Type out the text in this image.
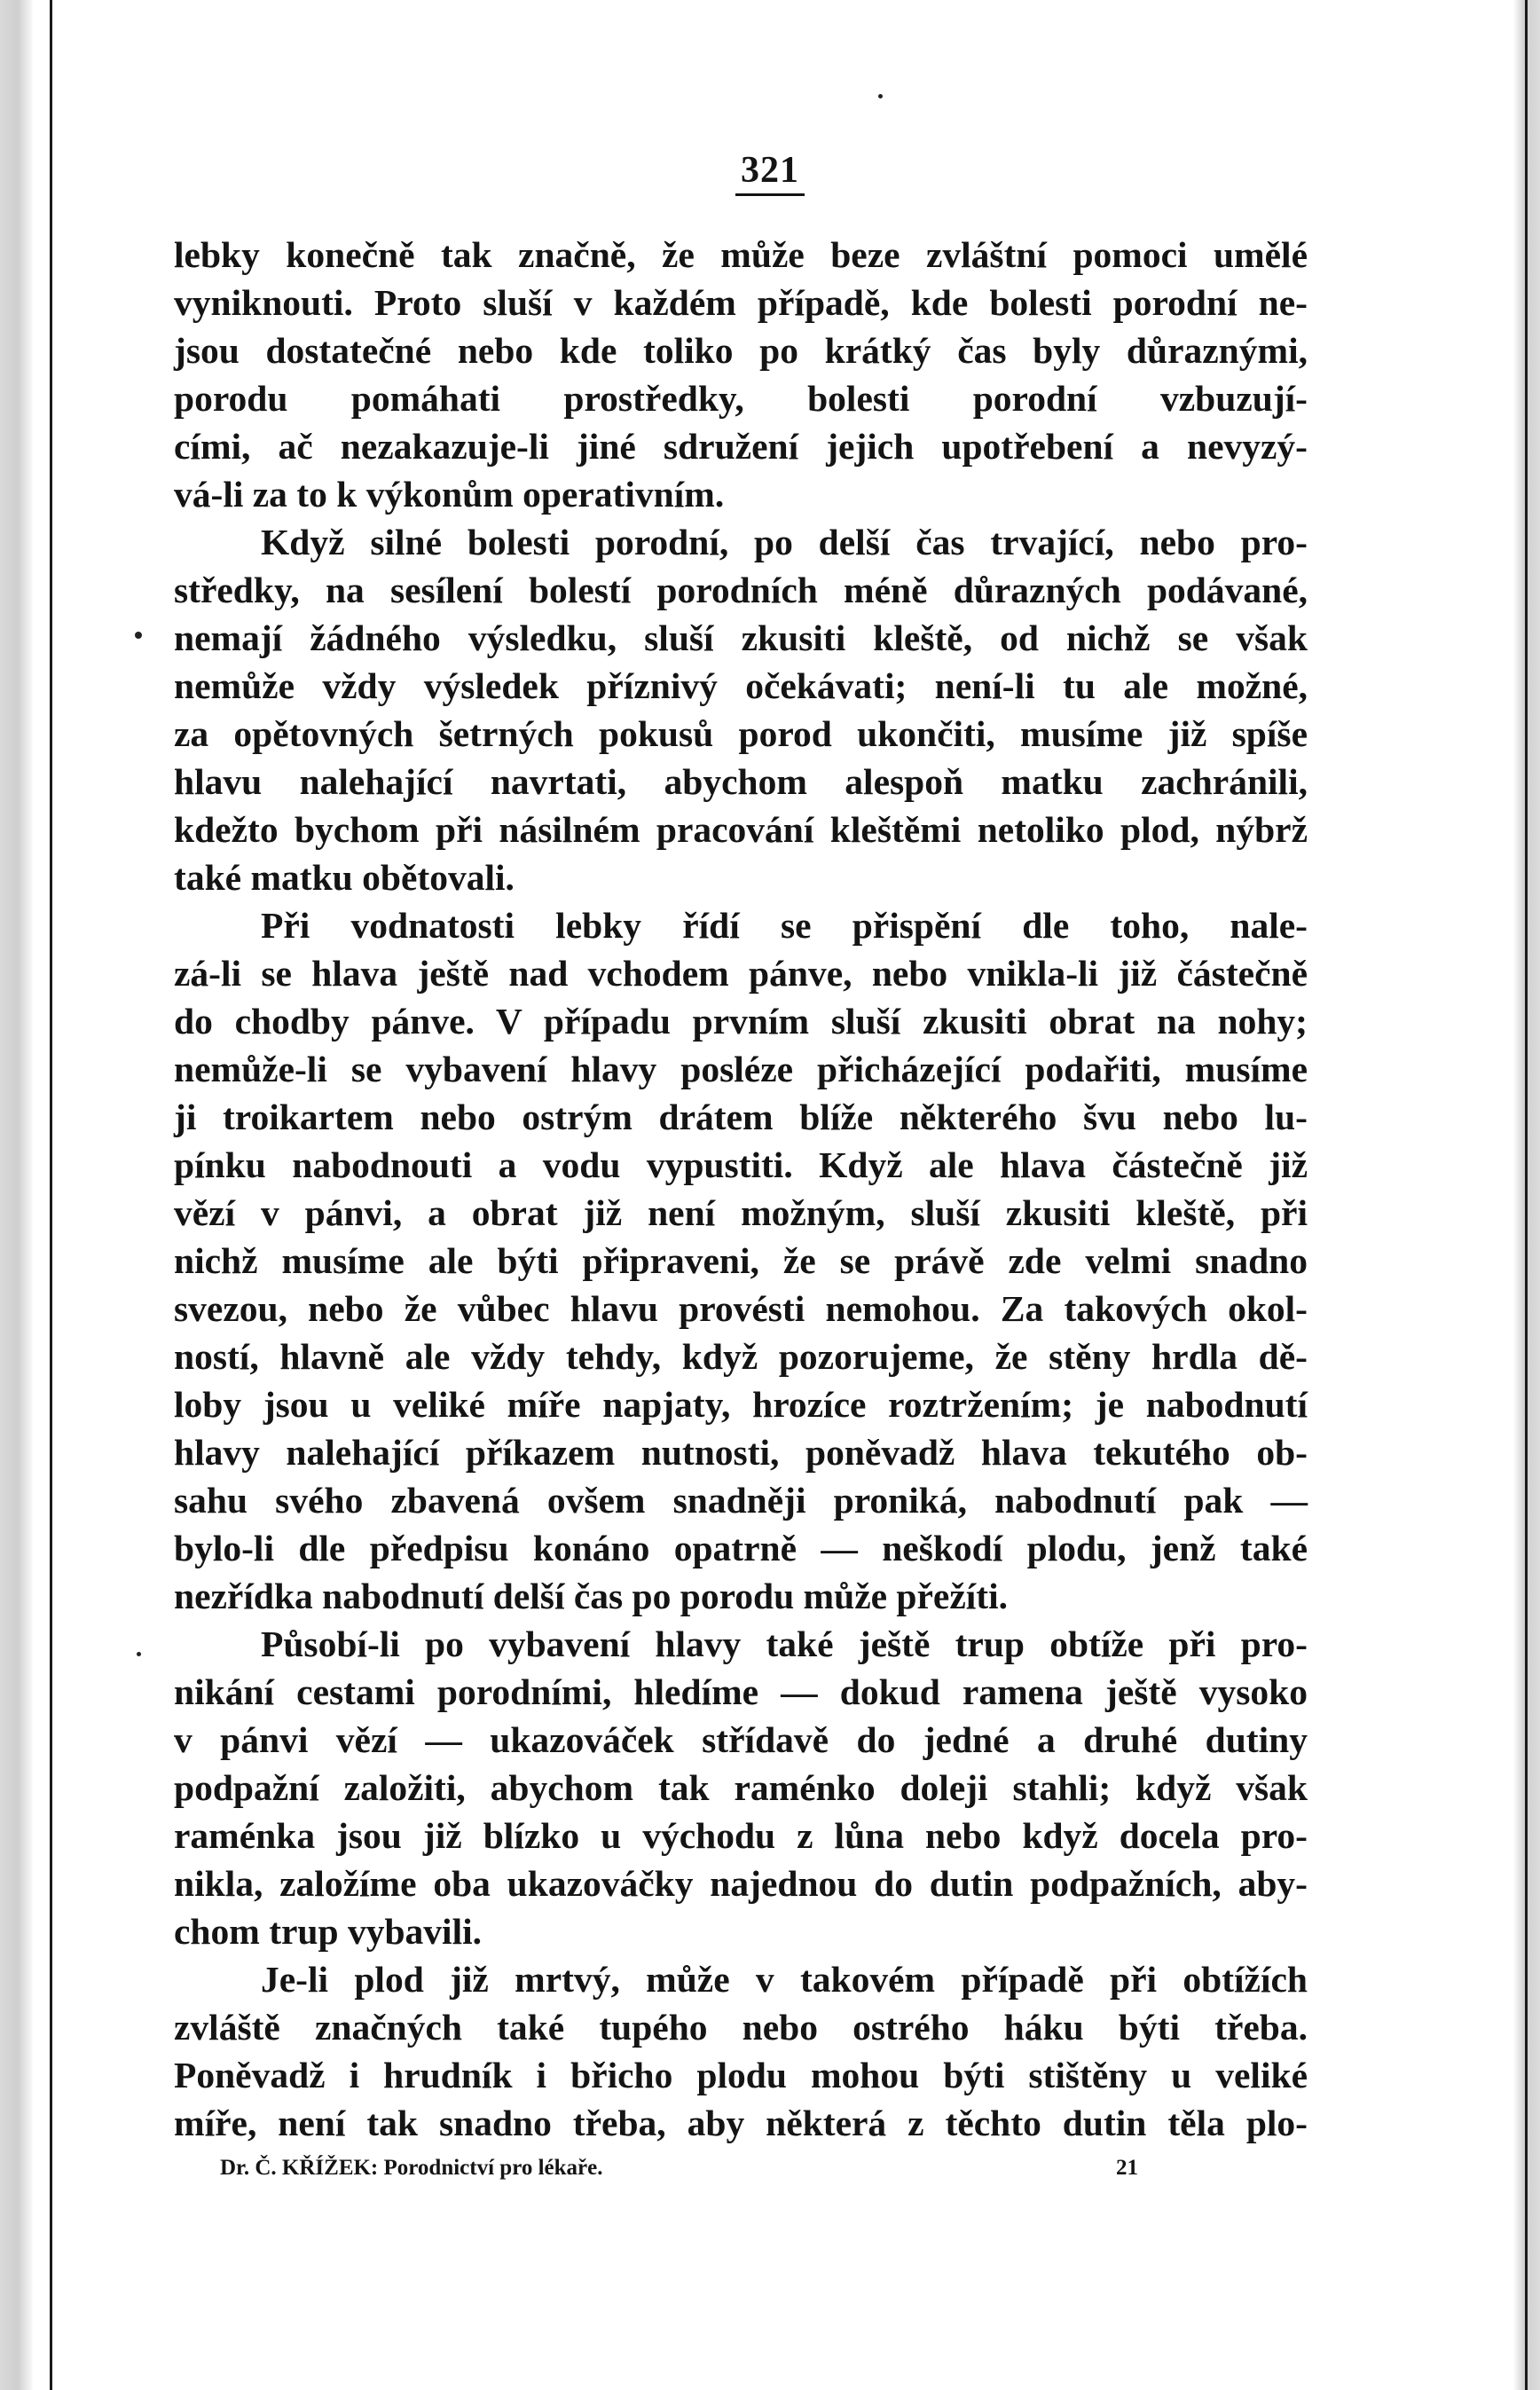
321
lebky konečně tak značně, že může beze zvláštní pomoci umělé
vyniknouti. Proto sluší v každém případě, kde bolesti porodní ne-
jsou dostatečné nebo kde toliko po krátký čas byly důraznými,
porodu pomáhati prostředky, bolesti porodní vzbuzují-
cími, ač nezakazuje-li jiné sdružení jejich upotřebení a nevyzý-
vá-li za to k výkonům operativním.
Když silné bolesti porodní, po delší čas trvající, nebo pro-
středky, na sesílení bolestí porodních méně důrazných podávané,
nemají žádného výsledku, sluší zkusiti kleště, od nichž se však
nemůže vždy výsledek příznivý očekávati; není-li tu ale možné,
za opětovných šetrných pokusů porod ukončiti, musíme již spíše
hlavu nalehající navrtati, abychom alespoň matku zachránili,
kdežto bychom při násilném pracování kleštěmi netoliko plod, nýbrž
také matku obětovali.
Při vodnatosti lebky řídí se přispění dle toho, nale-
zá-li se hlava ještě nad vchodem pánve, nebo vnikla-li již částečně
do chodby pánve. V případu prvním sluší zkusiti obrat na nohy;
nemůže-li se vybavení hlavy posléze přicházející podařiti, musíme
ji troikartem nebo ostrým drátem blíže některého švu nebo lu-
pínku nabodnouti a vodu vypustiti. Když ale hlava částečně již
vězí v pánvi, a obrat již není možným, sluší zkusiti kleště, při
nichž musíme ale býti připraveni, že se právě zde velmi snadno
svezou, nebo že vůbec hlavu provésti nemohou. Za takových okol-
ností, hlavně ale vždy tehdy, když pozorujeme, že stěny hrdla dě-
loby jsou u veliké míře napjaty, hrozíce roztržením; je nabodnutí
hlavy nalehající příkazem nutnosti, poněvadž hlava tekutého ob-
sahu svého zbavená ovšem snadněji proniká, nabodnutí pak —
bylo-li dle předpisu konáno opatrně — neškodí plodu, jenž také
nezřídka nabodnutí delší čas po porodu může přežíti.
Působí-li po vybavení hlavy také ještě trup obtíže při pro-
nikání cestami porodními, hledíme — dokud ramena ještě vysoko
v pánvi vězí — ukazováček střídavě do jedné a druhé dutiny
podpažní založiti, abychom tak raménko doleji stahli; když však
raménka jsou již blízko u východu z lůna nebo když docela pro-
nikla, založíme oba ukazováčky najednou do dutin podpažních, aby-
chom trup vybavili.
Je-li plod již mrtvý, může v takovém případě při obtížích
zvláště značných také tupého nebo ostrého háku býti třeba.
Poněvadž i hrudník i břicho plodu mohou býti stištěny u veliké
míře, není tak snadno třeba, aby některá z těchto dutin těla plo-
Dr. Č. KŘÍŽEK: Porodnictví pro lékaře.	21
